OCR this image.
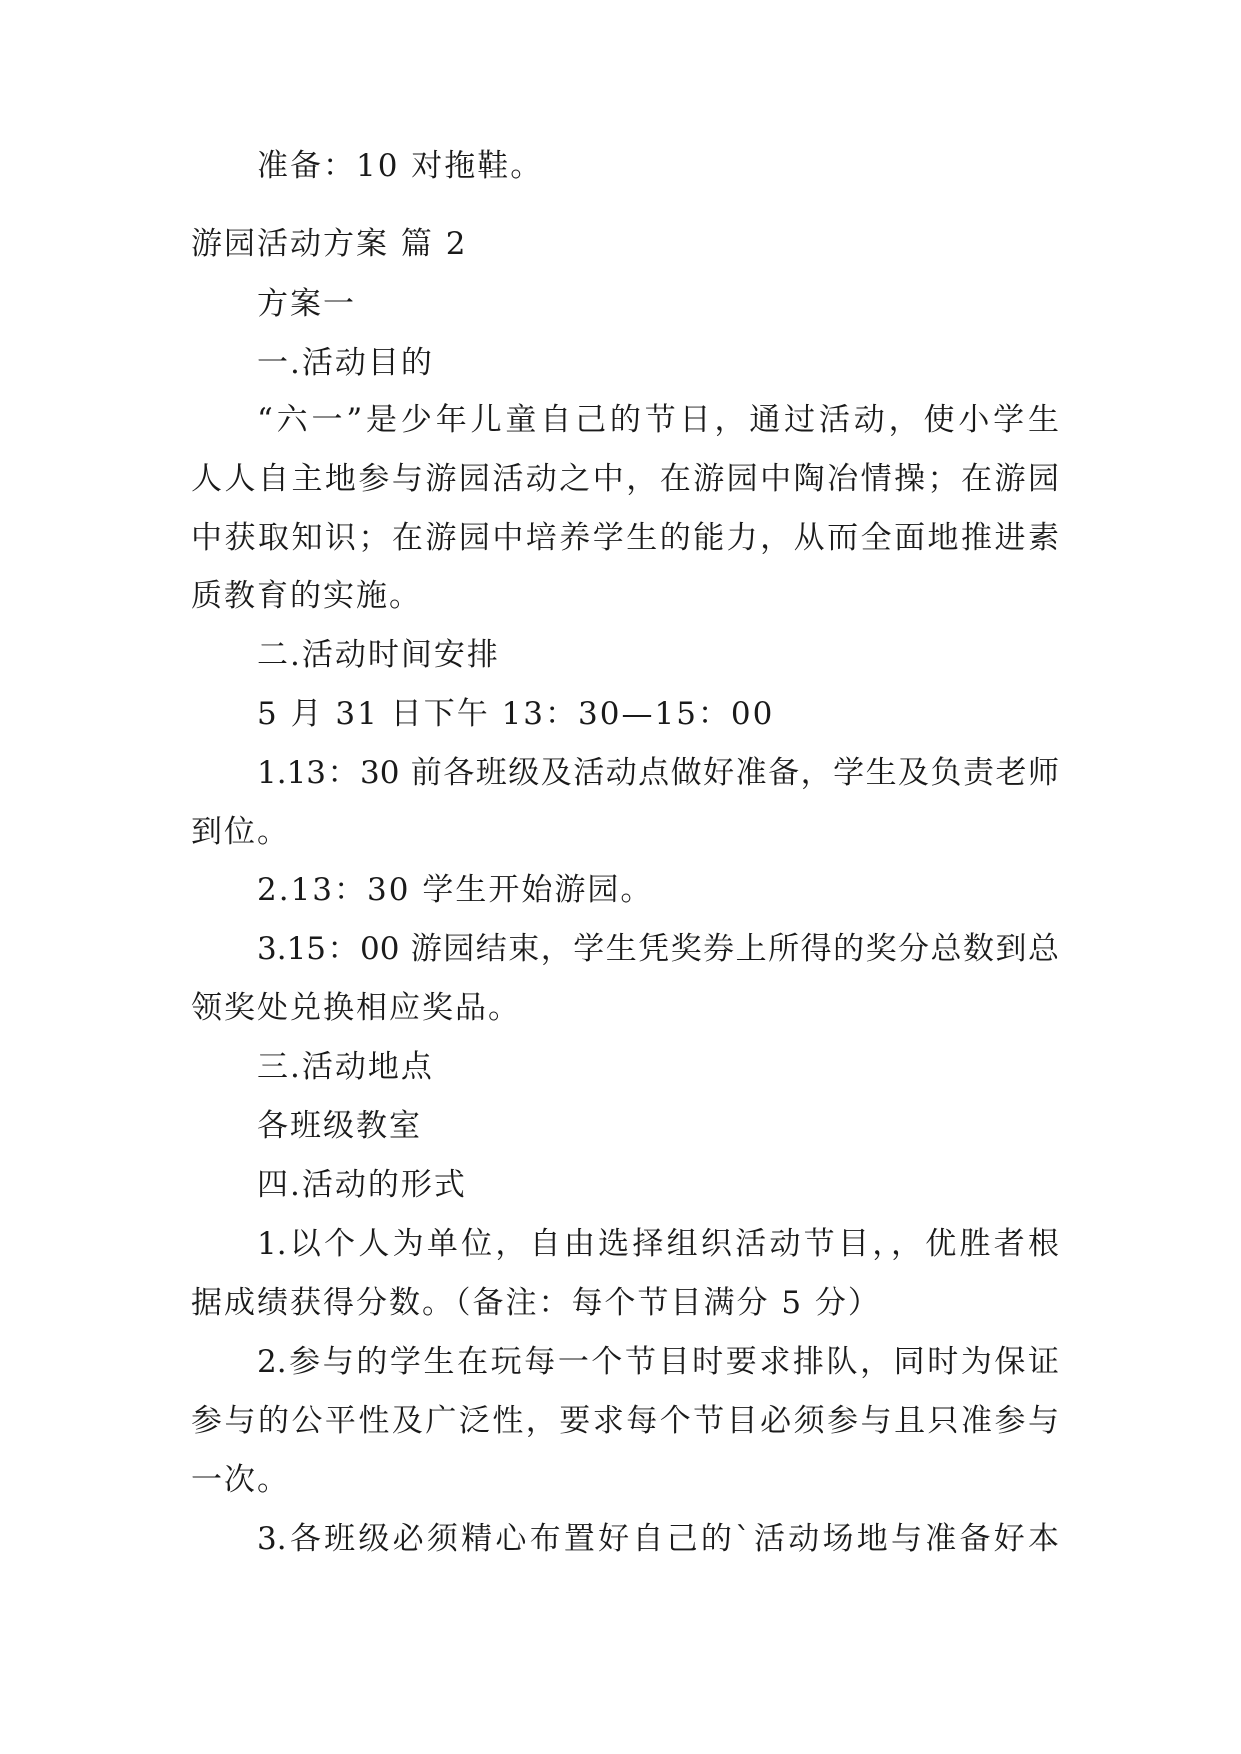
准备：10 对拖鞋。
游园活动方案 篇 2
方案一
一.活动目的
“六一”是少年儿童自己的节日，通过活动，使小学生
人人自主地参与游园活动之中，在游园中陶冶情操；在游园
中获取知识；在游园中培养学生的能力，从而全面地推进素
质教育的实施。
二.活动时间安排
5 月 31 日下午 13：30—15：00
1.13：30 前各班级及活动点做好准备，学生及负责老师
到位。
2.13：30 学生开始游园。
3.15：00 游园结束，学生凭奖券上所得的奖分总数到总
领奖处兑换相应奖品。
三.活动地点
各班级教室
四.活动的形式
1.以个人为单位，自由选择组织活动节目，，优胜者根
据成绩获得分数。（备注：每个节目满分 5 分）
2.参与的学生在玩每一个节目时要求排队，同时为保证
参与的公平性及广泛性，要求每个节目必须参与且只准参与
一次。
3.各班级必须精心布置好自己的`活动场地与准备好本
